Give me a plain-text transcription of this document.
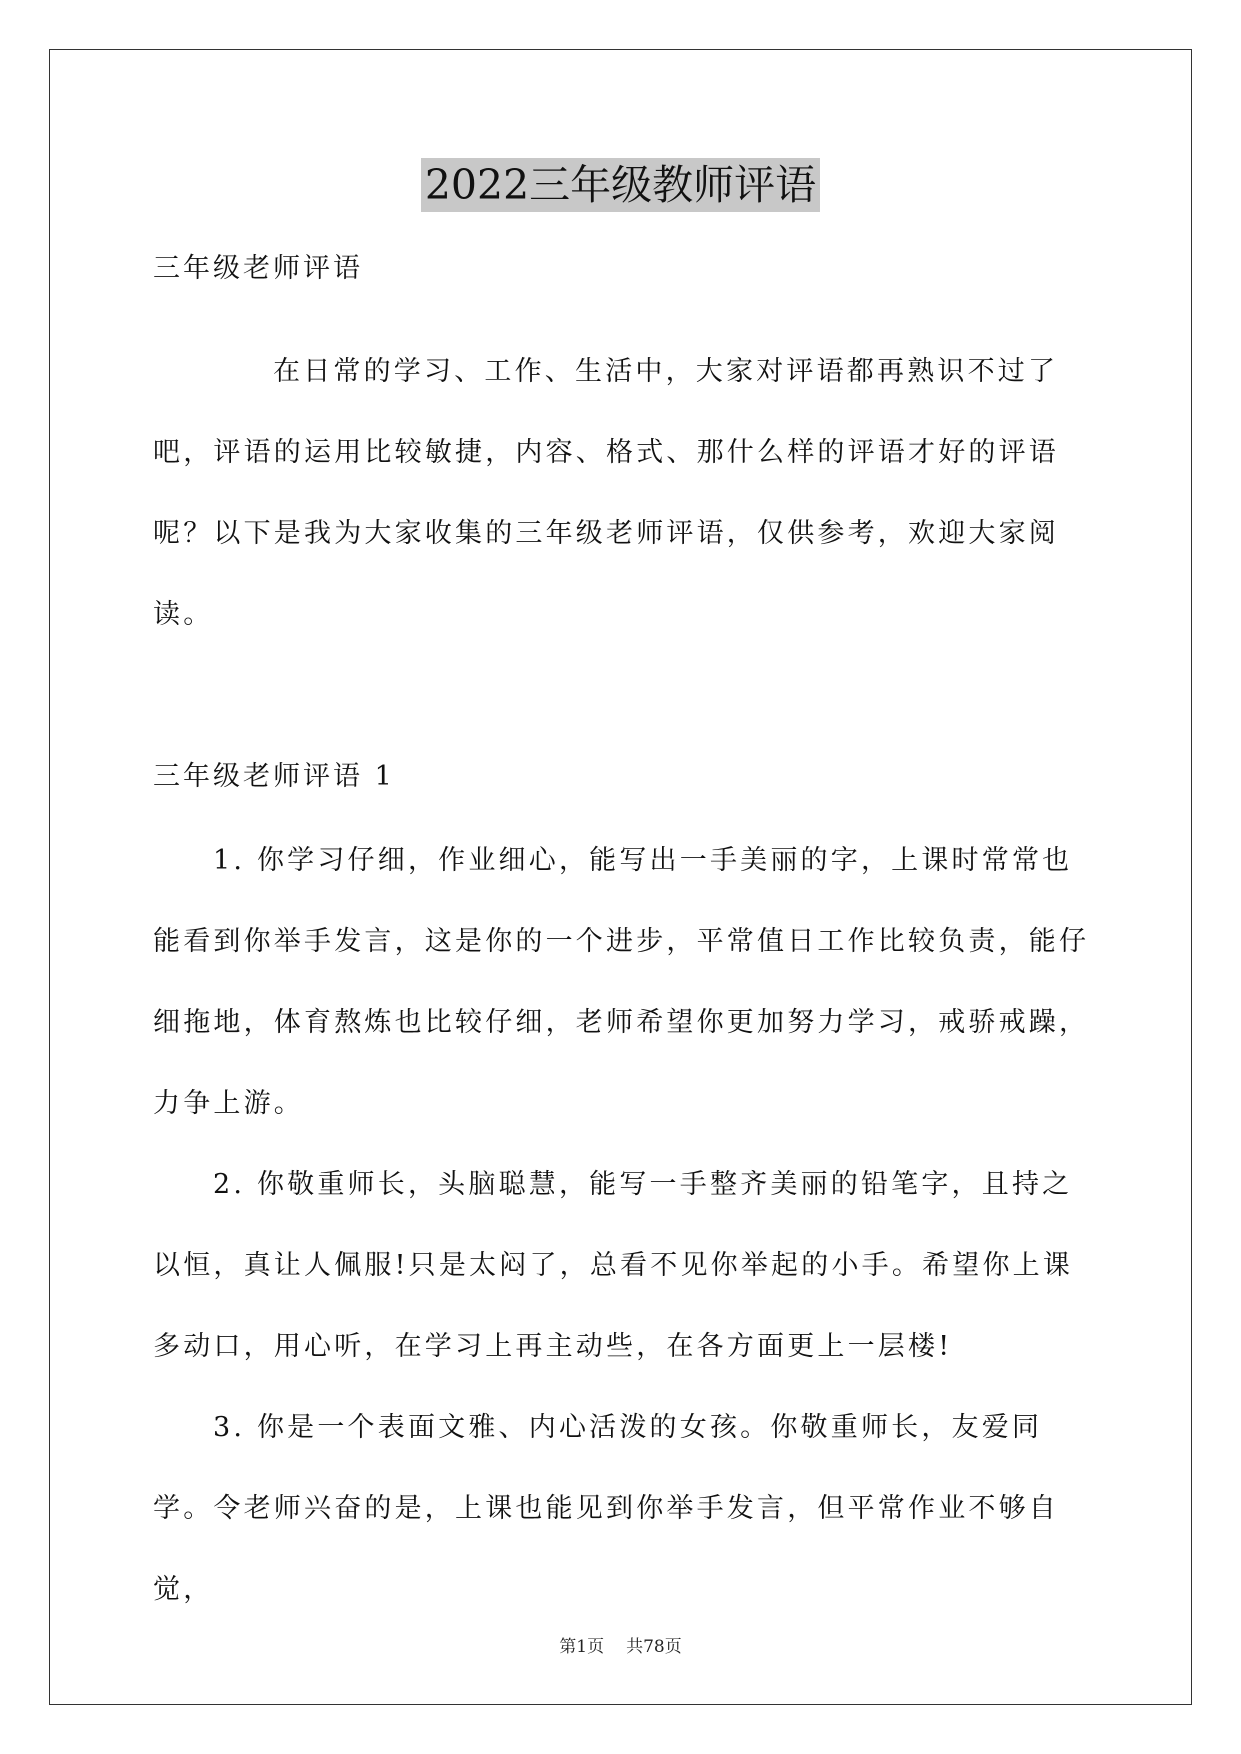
2022三年级教师评语
三年级老师评语

在日常的学习、工作、生活中，大家对评语都再熟识不过了吧，评语的运用比较敏捷，内容、格式、那什么样的评语才好的评语呢？以下是我为大家收集的三年级老师评语，仅供参考，欢迎大家阅读。

三年级老师评语 1

1. 你学习仔细，作业细心，能写出一手美丽的字，上课时常常也能看到你举手发言，这是你的一个进步，平常值日工作比较负责，能仔细拖地，体育熬炼也比较仔细，老师希望你更加努力学习，戒骄戒躁，力争上游。

2. 你敬重师长，头脑聪慧，能写一手整齐美丽的铅笔字，且持之以恒，真让人佩服!只是太闷了，总看不见你举起的小手。希望你上课多动口，用心听，在学习上再主动些，在各方面更上一层楼!

3. 你是一个表面文雅、内心活泼的女孩。你敬重师长，友爱同学。令老师兴奋的是，上课也能见到你举手发言，但平常作业不够自觉，

第1页 共78页
